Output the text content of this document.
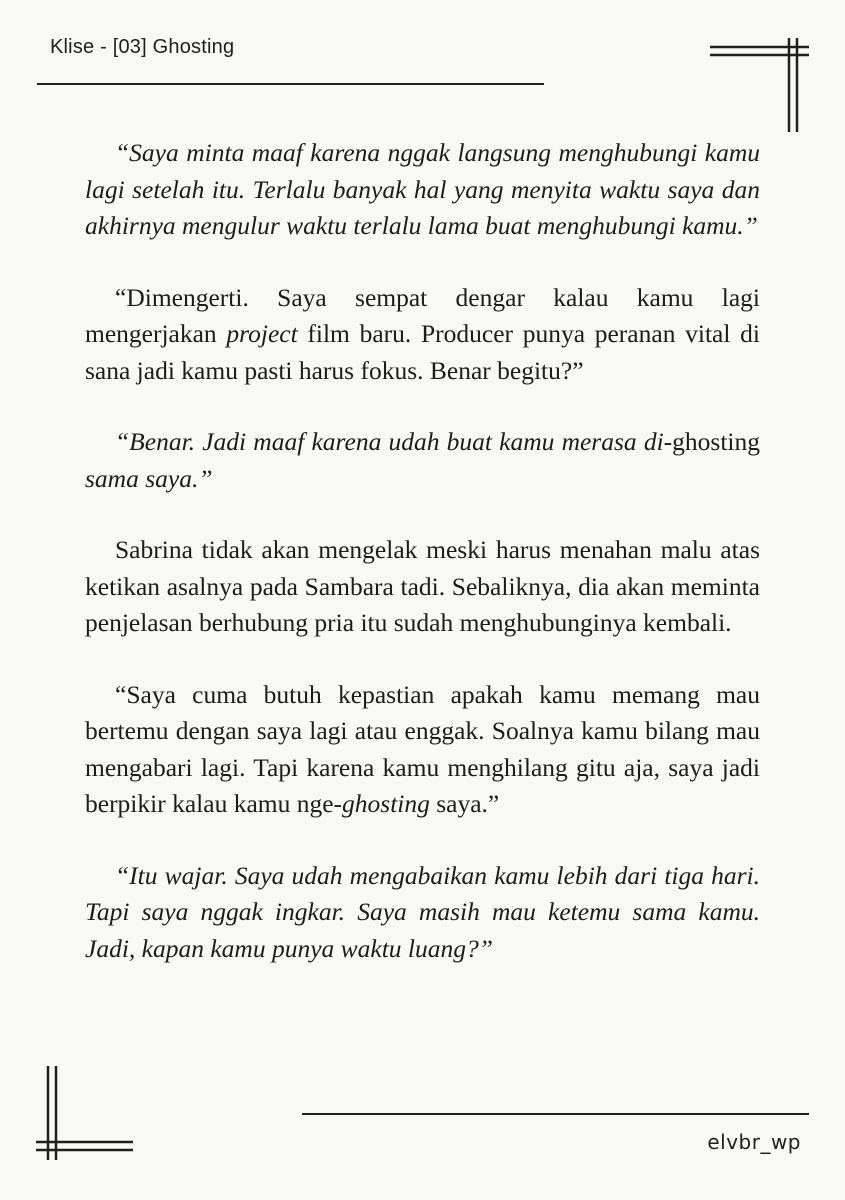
Klise - [03] Ghosting

“Saya minta maaf karena nggak langsung menghubungi kamu lagi setelah itu. Terlalu banyak hal yang menyita waktu saya dan akhirnya mengulur waktu terlalu lama buat menghubungi kamu.”

“Dimengerti. Saya sempat dengar kalau kamu lagi mengerjakan project film baru. Producer punya peranan vital di sana jadi kamu pasti harus fokus. Benar begitu?”

“Benar. Jadi maaf karena udah buat kamu merasa di-ghosting sama saya.”

Sabrina tidak akan mengelak meski harus menahan malu atas ketikan asalnya pada Sambara tadi. Sebaliknya, dia akan meminta penjelasan berhubung pria itu sudah menghubunginya kembali.

“Saya cuma butuh kepastian apakah kamu memang mau bertemu dengan saya lagi atau enggak. Soalnya kamu bilang mau mengabari lagi. Tapi karena kamu menghilang gitu aja, saya jadi berpikir kalau kamu nge-ghosting saya.”

“Itu wajar. Saya udah mengabaikan kamu lebih dari tiga hari. Tapi saya nggak ingkar. Saya masih mau ketemu sama kamu. Jadi, kapan kamu punya waktu luang?”

elvbr_wp
